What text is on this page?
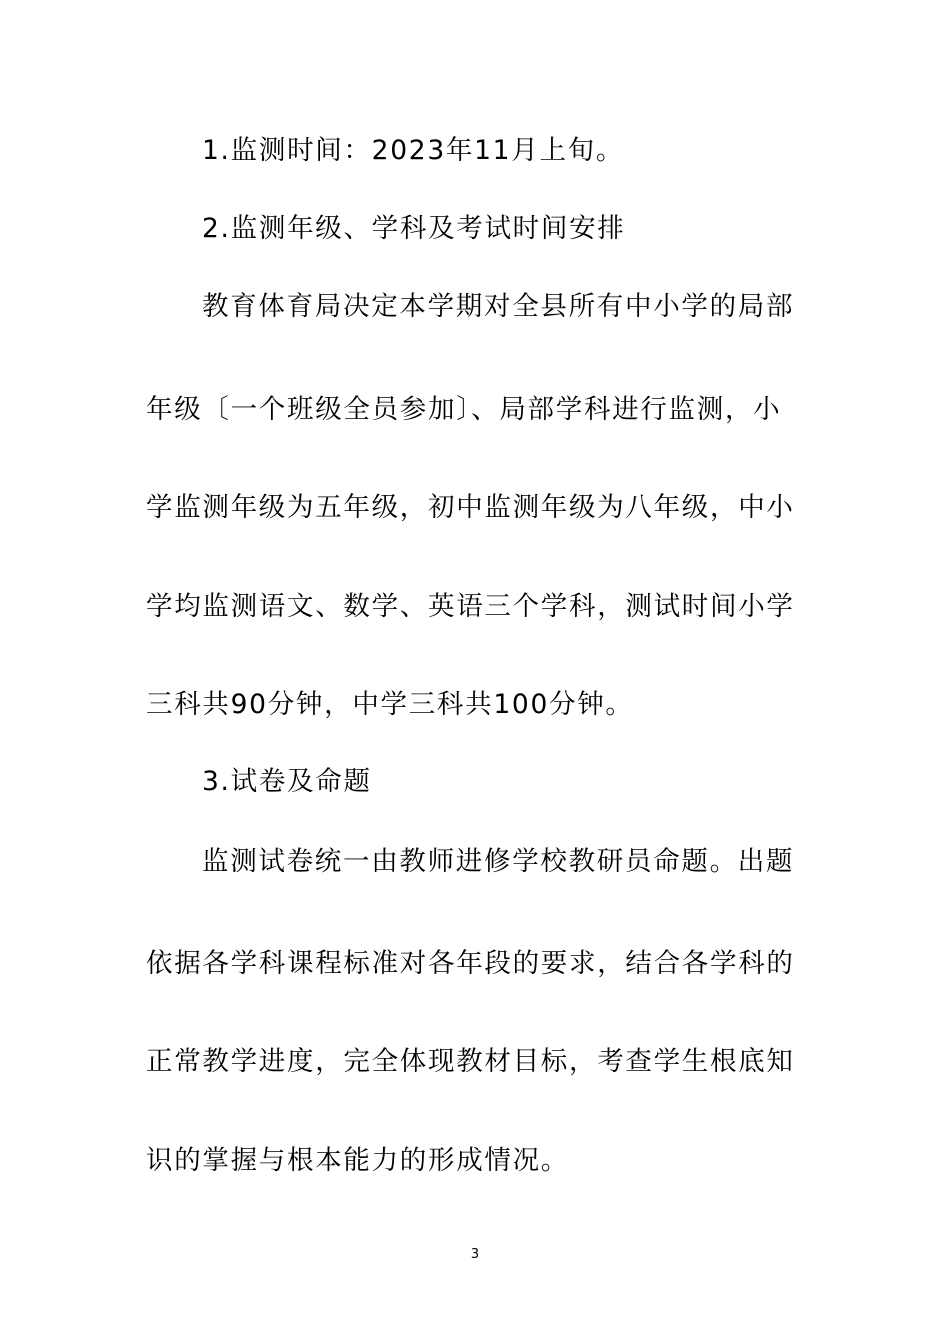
1.监测时间：2023年11月上旬。
2.监测年级、学科及考试时间安排
教育体育局决定本学期对全县所有中小学的局部
年级〔一个班级全员参加〕、局部学科进行监测，小
学监测年级为五年级，初中监测年级为八年级，中小
学均监测语文、数学、英语三个学科，测试时间小学
三科共90分钟，中学三科共100分钟。
3.试卷及命题
监测试卷统一由教师进修学校教研员命题。出题
依据各学科课程标准对各年段的要求，结合各学科的
正常教学进度，完全体现教材目标，考查学生根底知
识的掌握与根本能力的形成情况。
3
